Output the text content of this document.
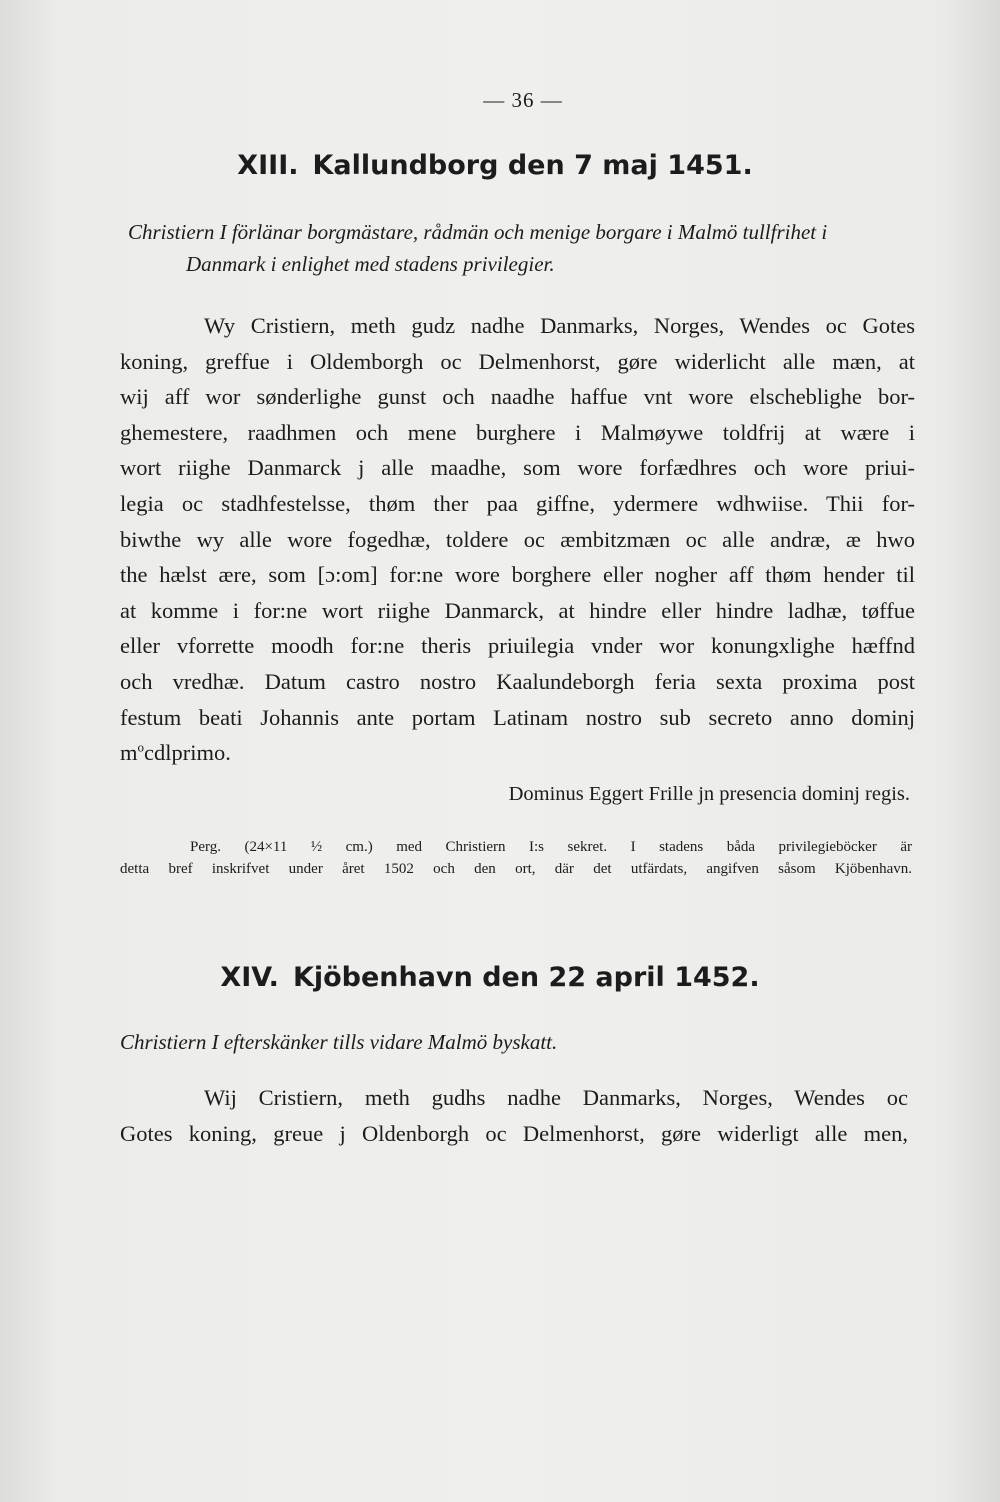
— 36 —
XIII. Kallundborg den 7 maj 1451.
Christiern I förlänar borgmästare, rådmän och menige borgare i Malmö tullfrihet i
Danmark i enlighet med stadens privilegier.
Wy Cristiern, meth gudz nadhe Danmarks, Norges, Wendes oc Gotes
koning, greffue i Oldemborgh oc Delmenhorst, gøre widerlicht alle mæn, at
wij aff wor sønderlighe gunst och naadhe haffue vnt wore elscheblighe bor-
ghemestere, raadhmen och mene burghere i Malmøywe toldfrij at wære i
wort riighe Danmarck j alle maadhe, som wore forfædhres och wore priui-
legia oc stadhfestelsse, thøm ther paa giffne, ydermere wdhwiise. Thii for-
biwthe wy alle wore fogedhæ, toldere oc æmbitzmæn oc alle andræ, æ hwo
the hælst ære, som [ɔ:om] for:ne wore borghere eller nogher aff thøm hender til
at komme i for:ne wort riighe Danmarck, at hindre eller hindre ladhæ, tøffue
eller vforrette moodh for:ne theris priuilegia vnder wor konungxlighe hæffnd
och vredhæ. Datum castro nostro Kaalundeborgh feria sexta proxima post
festum beati Johannis ante portam Latinam nostro sub secreto anno dominj
$m^ocdlprimo$.
Dominus Eggert Frille jn presencia dominj regis.
Perg. (24×11 ½ cm.) med Christiern I:s sekret. I stadens båda privilegieböcker är
detta bref inskrifvet under året 1502 och den ort, där det utfärdats, angifven såsom Kjöbenhavn.
XIV. Kjöbenhavn den 22 april 1452.
Christiern I efterskänker tills vidare Malmö byskatt.
Wij Cristiern, meth gudhs nadhe Danmarks, Norges, Wendes oc
Gotes koning, greue j Oldenborgh oc Delmenhorst, gøre widerligt alle men,
